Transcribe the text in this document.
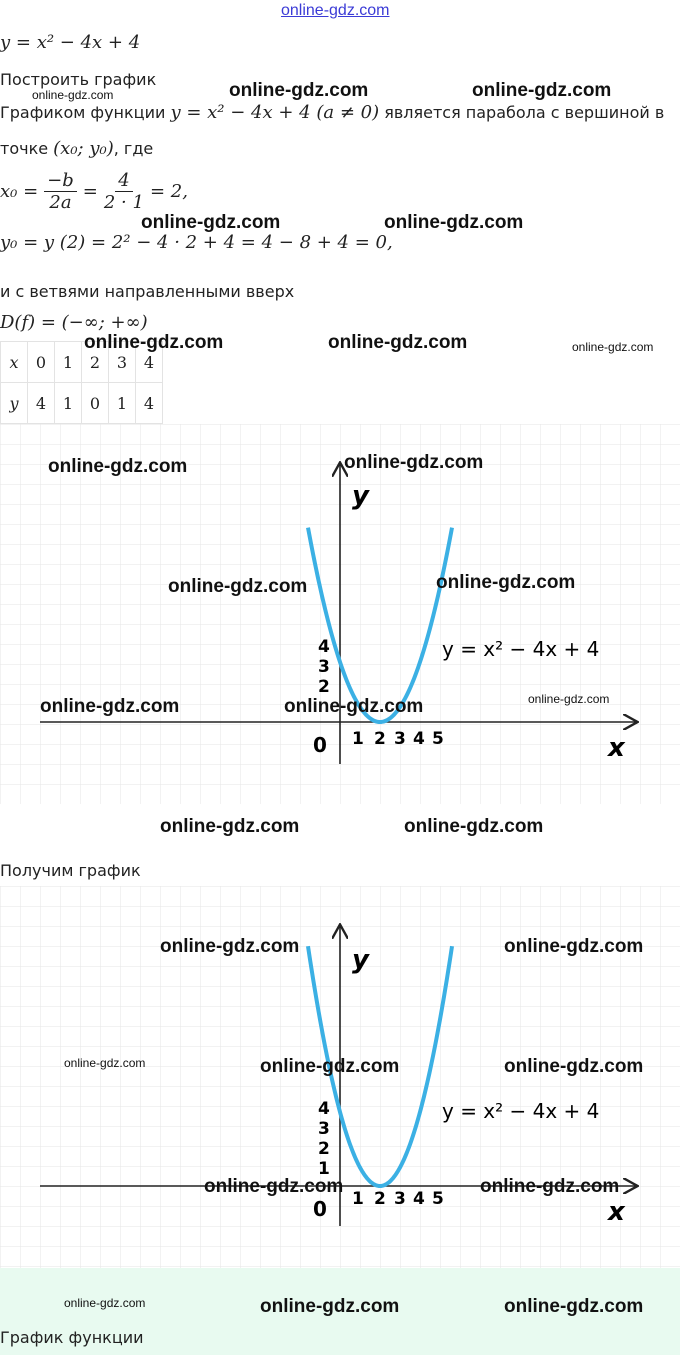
online-gdz.com
y = x² − 4x + 4
Построить график
Графиком функции y = x² − 4x + 4 (a ≠ 0) является парабола с вершиной в
точке (x₀; y₀), где
$x_0 = \frac{-b}{2a} = \frac{4}{2 \cdot 1} = 2$,
y₀ = y (2) = 2² − 4 · 2 + 4 = 4 − 8 + 4 = 0,
и с ветвями направленными вверх
D(f) = (−∞; +∞)
x	0	1	2	3	4
y	4	1	0	1	4
y
x
0
4
3
2
1 2 3 4 5
y = x² − 4x + 4
Получим график
y
x
0
4
3
2
1
1 2 3 4 5
y = x² − 4x + 4
График функции
online-gdz.com	online-gdz.com
online-gdz.com
online-gdz.com	online-gdz.com
online-gdz.com	online-gdz.com	online-gdz.com
online-gdz.com	online-gdz.com
online-gdz.com	online-gdz.com
online-gdz.com	online-gdz.com	online-gdz.com
online-gdz.com	online-gdz.com
online-gdz.com	online-gdz.com
online-gdz.com	online-gdz.com	online-gdz.com
online-gdz.com	online-gdz.com
online-gdz.com	online-gdz.com	online-gdz.com
